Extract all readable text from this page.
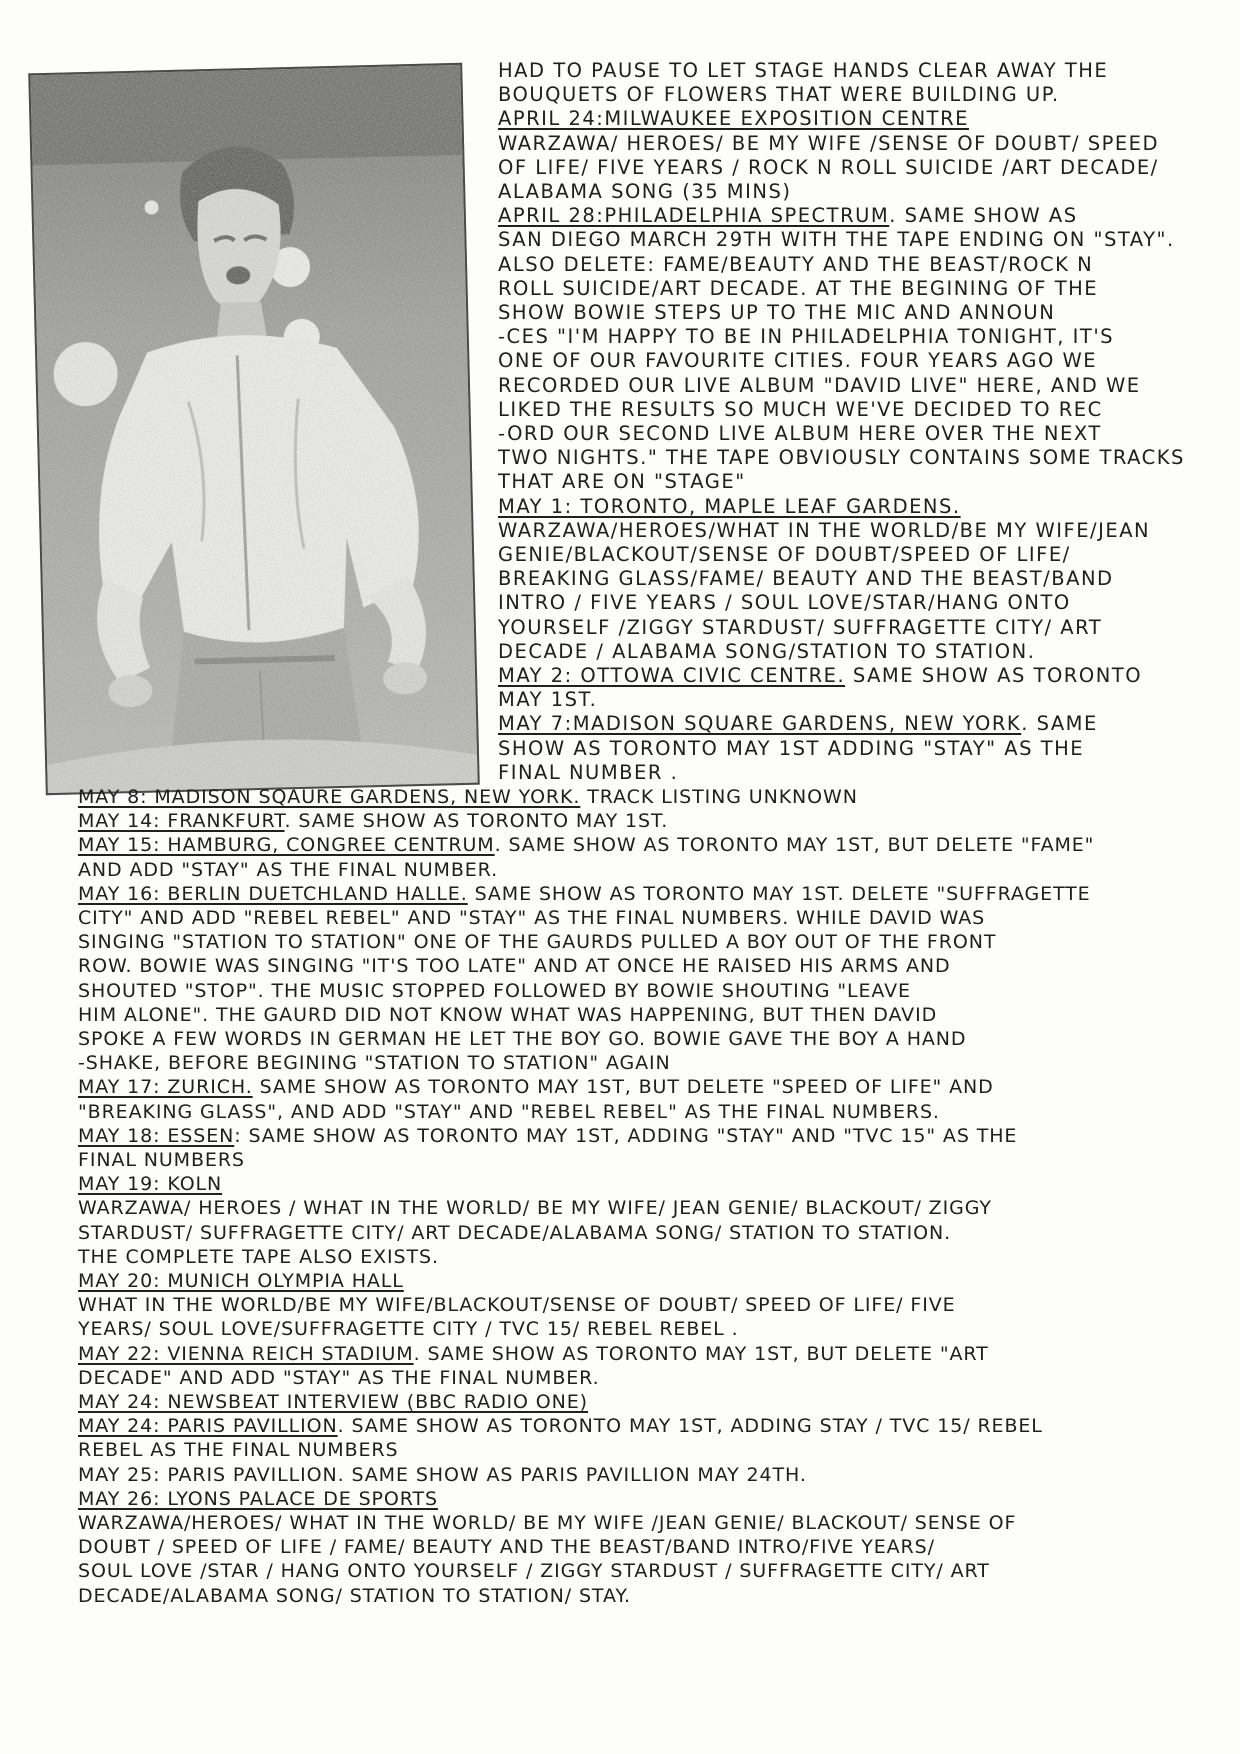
HAD TO PAUSE TO LET STAGE HANDS CLEAR AWAY THE
BOUQUETS OF FLOWERS THAT WERE BUILDING UP.
APRIL 24:MILWAUKEE EXPOSITION CENTRE
WARZAWA/ HEROES/ BE MY WIFE /SENSE OF DOUBT/ SPEED
OF LIFE/ FIVE YEARS / ROCK N ROLL SUICIDE /ART DECADE/
ALABAMA SONG (35 MINS)
APRIL 28:PHILADELPHIA SPECTRUM. SAME SHOW AS
SAN DIEGO MARCH 29TH WITH THE TAPE ENDING ON "STAY".
ALSO DELETE: FAME/BEAUTY AND THE BEAST/ROCK N
ROLL SUICIDE/ART DECADE. AT THE BEGINING OF THE
SHOW BOWIE STEPS UP TO THE MIC AND ANNOUN
-CES "I'M HAPPY TO BE IN PHILADELPHIA TONIGHT, IT'S
ONE OF OUR FAVOURITE CITIES. FOUR YEARS AGO WE
RECORDED OUR LIVE ALBUM "DAVID LIVE" HERE, AND WE
LIKED THE RESULTS SO MUCH WE'VE DECIDED TO REC
-ORD OUR SECOND LIVE ALBUM HERE OVER THE NEXT
TWO NIGHTS." THE TAPE OBVIOUSLY CONTAINS SOME TRACKS
THAT ARE ON "STAGE"
MAY 1: TORONTO, MAPLE LEAF GARDENS.
WARZAWA/HEROES/WHAT IN THE WORLD/BE MY WIFE/JEAN
GENIE/BLACKOUT/SENSE OF DOUBT/SPEED OF LIFE/
BREAKING GLASS/FAME/ BEAUTY AND THE BEAST/BAND
INTRO / FIVE YEARS / SOUL LOVE/STAR/HANG ONTO
YOURSELF /ZIGGY STARDUST/ SUFFRAGETTE CITY/ ART
DECADE / ALABAMA SONG/STATION TO STATION.
MAY 2: OTTOWA CIVIC CENTRE. SAME SHOW AS TORONTO
MAY 1ST.
MAY 7:MADISON SQUARE GARDENS, NEW YORK. SAME
SHOW AS TORONTO MAY 1ST ADDING "STAY" AS THE
FINAL NUMBER .
MAY 8: MADISON SQAURE GARDENS, NEW YORK. TRACK LISTING UNKNOWN
MAY 14: FRANKFURT. SAME SHOW AS TORONTO MAY 1ST.
MAY 15: HAMBURG, CONGREE CENTRUM. SAME SHOW AS TORONTO MAY 1ST, BUT DELETE "FAME"
AND ADD "STAY" AS THE FINAL NUMBER.
MAY 16: BERLIN DUETCHLAND HALLE. SAME SHOW AS TORONTO MAY 1ST. DELETE "SUFFRAGETTE
CITY" AND ADD "REBEL REBEL" AND "STAY" AS THE FINAL NUMBERS. WHILE DAVID WAS
SINGING "STATION TO STATION" ONE OF THE GAURDS PULLED A BOY OUT OF THE FRONT
ROW. BOWIE WAS SINGING "IT'S TOO LATE" AND AT ONCE HE RAISED HIS ARMS AND
SHOUTED "STOP". THE MUSIC STOPPED FOLLOWED BY BOWIE SHOUTING "LEAVE
HIM ALONE". THE GAURD DID NOT KNOW WHAT WAS HAPPENING, BUT THEN DAVID
SPOKE A FEW WORDS IN GERMAN HE LET THE BOY GO. BOWIE GAVE THE BOY A HAND
-SHAKE, BEFORE BEGINING "STATION TO STATION" AGAIN
MAY 17: ZURICH. SAME SHOW AS TORONTO MAY 1ST, BUT DELETE "SPEED OF LIFE" AND
"BREAKING GLASS", AND ADD "STAY" AND "REBEL REBEL" AS THE FINAL NUMBERS.
MAY 18: ESSEN: SAME SHOW AS TORONTO MAY 1ST, ADDING "STAY" AND "TVC 15" AS THE
FINAL NUMBERS
MAY 19: KOLN
WARZAWA/ HEROES / WHAT IN THE WORLD/ BE MY WIFE/ JEAN GENIE/ BLACKOUT/ ZIGGY
STARDUST/ SUFFRAGETTE CITY/ ART DECADE/ALABAMA SONG/ STATION TO STATION.
THE COMPLETE TAPE ALSO EXISTS.
MAY 20: MUNICH OLYMPIA HALL
WHAT IN THE WORLD/BE MY WIFE/BLACKOUT/SENSE OF DOUBT/ SPEED OF LIFE/ FIVE
YEARS/ SOUL LOVE/SUFFRAGETTE CITY / TVC 15/ REBEL REBEL .
MAY 22: VIENNA REICH STADIUM. SAME SHOW AS TORONTO MAY 1ST, BUT DELETE "ART
DECADE" AND ADD "STAY" AS THE FINAL NUMBER.
MAY 24: NEWSBEAT INTERVIEW (BBC RADIO ONE)
MAY 24: PARIS PAVILLION. SAME SHOW AS TORONTO MAY 1ST, ADDING STAY / TVC 15/ REBEL
REBEL AS THE FINAL NUMBERS
MAY 25: PARIS PAVILLION. SAME SHOW AS PARIS PAVILLION MAY 24TH.
MAY 26: LYONS PALACE DE SPORTS
WARZAWA/HEROES/ WHAT IN THE WORLD/ BE MY WIFE /JEAN GENIE/ BLACKOUT/ SENSE OF
DOUBT / SPEED OF LIFE / FAME/ BEAUTY AND THE BEAST/BAND INTRO/FIVE YEARS/
SOUL LOVE /STAR / HANG ONTO YOURSELF / ZIGGY STARDUST / SUFFRAGETTE CITY/ ART
DECADE/ALABAMA SONG/ STATION TO STATION/ STAY.
